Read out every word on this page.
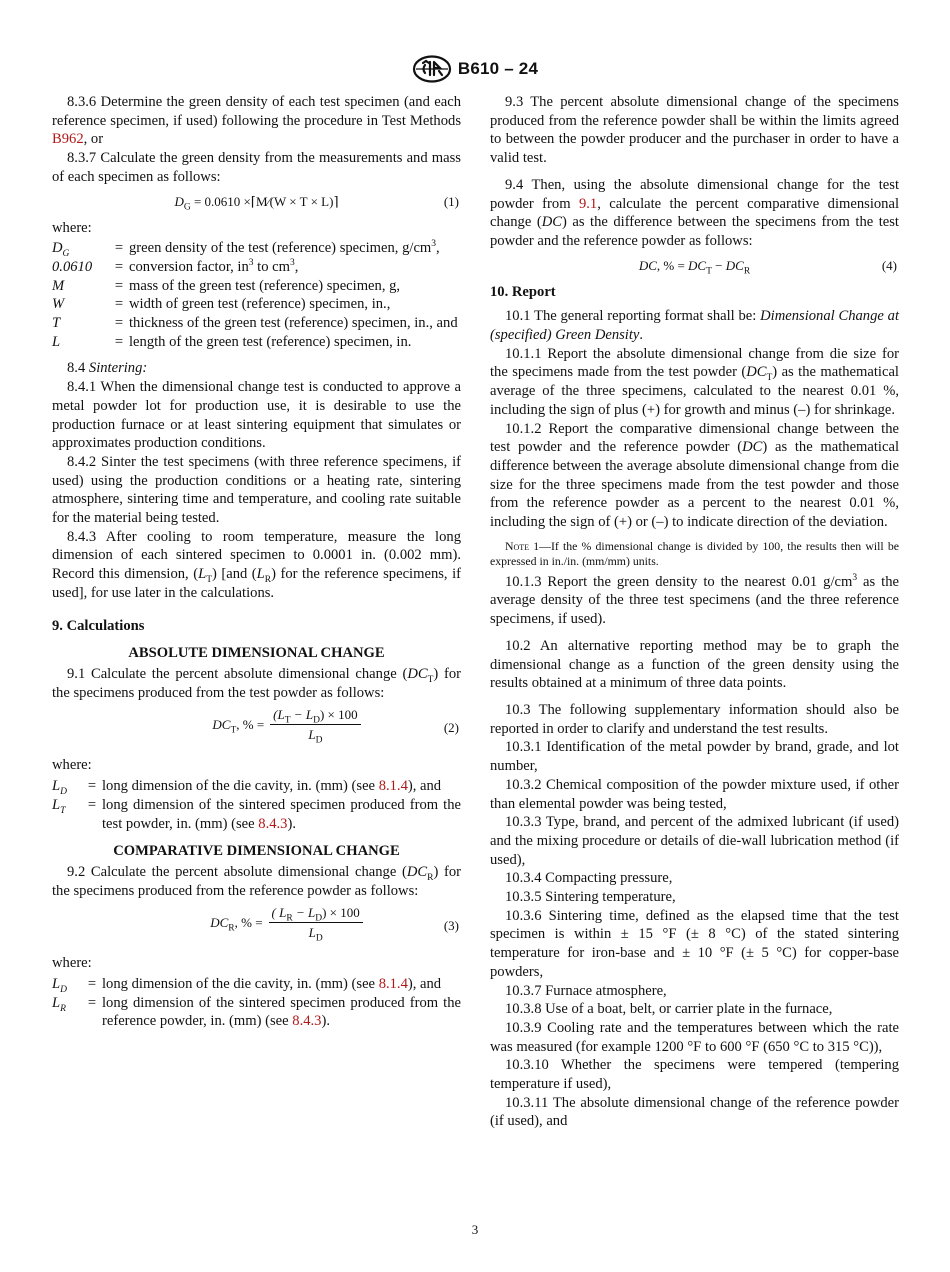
B610 – 24

8.3.6 Determine the green density of each test specimen (and each reference specimen, if used) following the procedure in Test Methods B962, or

8.3.7 Calculate the green density from the measurements and mass of each specimen as follows:

$D_G = 0.0610$ ×⌈M⁄(W × T × L)⌉	(1)

where:

$D_G$	= green density of the test (reference) specimen, $g/cm^3$,
0.0610	= conversion factor, $in^3$ to $cm^3$,
M	= mass of the green test (reference) specimen, g,
W	= width of green test (reference) specimen, in.,
T	= thickness of the green test (reference) specimen, in., and
L	= length of the green test (reference) specimen, in.

8.4 Sintering:

8.4.1 When the dimensional change test is conducted to approve a metal powder lot for production use, it is desirable to use the production furnace or at least sintering equipment that simulates or approximates production conditions.

8.4.2 Sinter the test specimens (with three reference specimens, if used) using the production conditions or a heating rate, sintering atmosphere, sintering time and temperature, and cooling rate suitable for the material being tested.

8.4.3 After cooling to room temperature, measure the long dimension of each sintered specimen to 0.0001 in. (0.002 mm). Record this dimension, $(L_T)$ [and $(L_R)$ for the reference specimens, if used], for use later in the calculations.

9. Calculations

ABSOLUTE DIMENSIONAL CHANGE

9.1 Calculate the percent absolute dimensional change $(DC_T)$ for the specimens produced from the test powder as follows:

$DC_T$, % = $\frac{(L_T - L_D) \times 100}{L_D}$	(2)

where:

$L_D$	= long dimension of the die cavity, in. (mm) (see 8.1.4), and
$L_T$	= long dimension of the sintered specimen produced from the test powder, in. (mm) (see 8.4.3).

COMPARATIVE DIMENSIONAL CHANGE

9.2 Calculate the percent absolute dimensional change $(DC_R)$ for the specimens produced from the reference powder as follows:

$DC_R$, % = $\frac{( L_R - L_D) \times 100}{L_D}$	(3)

where:

$L_D$	= long dimension of the die cavity, in. (mm) (see 8.1.4), and
$L_R$	= long dimension of the sintered specimen produced from the reference powder, in. (mm) (see 8.4.3).

9.3 The percent absolute dimensional change of the specimens produced from the reference powder shall be within the limits agreed to between the powder producer and the purchaser in order to have a valid test.

9.4 Then, using the absolute dimensional change for the test powder from 9.1, calculate the percent comparative dimensional change (DC) as the difference between the specimens from the test powder and the reference powder as follows:

DC, % = $DC_T - DC_R$	(4)

10. Report

10.1 The general reporting format shall be: Dimensional Change at (specified) Green Density.

10.1.1 Report the absolute dimensional change from die size for the specimens made from the test powder $(DC_T)$ as the mathematical average of the three specimens, calculated to the nearest 0.01 %, including the sign of plus (+) for growth and minus (–) for shrinkage.

10.1.2 Report the comparative dimensional change between the test powder and the reference powder (DC) as the mathematical difference between the average absolute dimensional change from die size for the three specimens made from the test powder and those from the reference powder as a percent to the nearest 0.01 %, including the sign of (+) or (–) to indicate direction of the deviation.

Note 1—If the % dimensional change is divided by 100, the results then will be expressed in in./in. (mm/mm) units.

10.1.3 Report the green density to the nearest 0.01 $g/cm^3$ as the average density of the three test specimens (and the three reference specimens, if used).

10.2 An alternative reporting method may be to graph the dimensional change as a function of the green density using the results obtained at a minimum of three data points.

10.3 The following supplementary information should also be reported in order to clarify and understand the test results.

10.3.1 Identification of the metal powder by brand, grade, and lot number,

10.3.2 Chemical composition of the powder mixture used, if other than elemental powder was being tested,

10.3.3 Type, brand, and percent of the admixed lubricant (if used) and the mixing procedure or details of die-wall lubrication method (if used),

10.3.4 Compacting pressure,

10.3.5 Sintering temperature,

10.3.6 Sintering time, defined as the elapsed time that the test specimen is within ± 15 °F (± 8 °C) of the stated sintering temperature for iron-base and ± 10 °F (± 5 °C) for copper-base powders,

10.3.7 Furnace atmosphere,

10.3.8 Use of a boat, belt, or carrier plate in the furnace,

10.3.9 Cooling rate and the temperatures between which the rate was measured (for example 1200 °F to 600 °F (650 °C to 315 °C)),

10.3.10 Whether the specimens were tempered (tempering temperature if used),

10.3.11 The absolute dimensional change of the reference powder (if used), and

3
